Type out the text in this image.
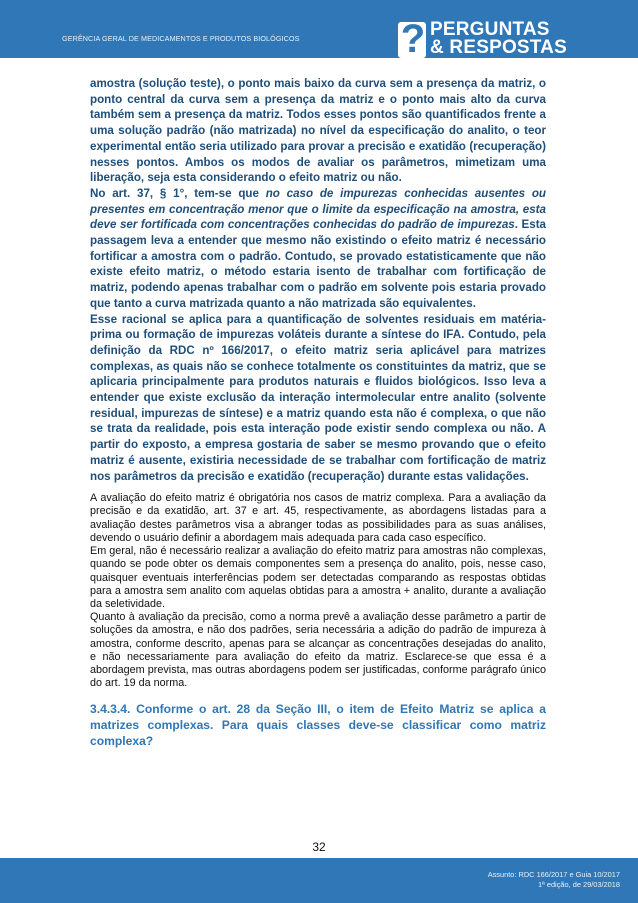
GERÊNCIA GERAL DE MEDICAMENTOS E PRODUTOS BIOLÓGICOS	? PERGUNTAS
& RESPOSTAS

amostra (solução teste), o ponto mais baixo da curva sem a presença da matriz, o ponto central da curva sem a presença da matriz e o ponto mais alto da curva também sem a presença da matriz. Todos esses pontos são quantificados frente a uma solução padrão (não matrizada) no nível da especificação do analito, o teor experimental então seria utilizado para provar a precisão e exatidão (recuperação) nesses pontos. Ambos os modos de avaliar os parâmetros, mimetizam uma liberação, seja esta considerando o efeito matriz ou não.

No art. 37, § 1°, tem-se que no caso de impurezas conhecidas ausentes ou presentes em concentração menor que o limite da especificação na amostra, esta deve ser fortificada com concentrações conhecidas do padrão de impurezas. Esta passagem leva a entender que mesmo não existindo o efeito matriz é necessário fortificar a amostra com o padrão. Contudo, se provado estatisticamente que não existe efeito matriz, o método estaria isento de trabalhar com fortificação de matriz, podendo apenas trabalhar com o padrão em solvente pois estaria provado que tanto a curva matrizada quanto a não matrizada são equivalentes.

Esse racional se aplica para a quantificação de solventes residuais em matéria-prima ou formação de impurezas voláteis durante a síntese do IFA. Contudo, pela definição da RDC nº 166/2017, o efeito matriz seria aplicável para matrizes complexas, as quais não se conhece totalmente os constituintes da matriz, que se aplicaria principalmente para produtos naturais e fluidos biológicos. Isso leva a entender que existe exclusão da interação intermolecular entre analito (solvente residual, impurezas de síntese) e a matriz quando esta não é complexa, o que não se trata da realidade, pois esta interação pode existir sendo complexa ou não. A partir do exposto, a empresa gostaria de saber se mesmo provando que o efeito matriz é ausente, existiria necessidade de se trabalhar com fortificação de matriz nos parâmetros da precisão e exatidão (recuperação) durante estas validações.

A avaliação do efeito matriz é obrigatória nos casos de matriz complexa. Para a avaliação da precisão e da exatidão, art. 37 e art. 45, respectivamente, as abordagens listadas para a avaliação destes parâmetros visa a abranger todas as possibilidades para as suas análises, devendo o usuário definir a abordagem mais adequada para cada caso específico.

Em geral, não é necessário realizar a avaliação do efeito matriz para amostras não complexas, quando se pode obter os demais componentes sem a presença do analito, pois, nesse caso, quaisquer eventuais interferências podem ser detectadas comparando as respostas obtidas para a amostra sem analito com aquelas obtidas para a amostra + analito, durante a avaliação da seletividade.

Quanto à avaliação da precisão, como a norma prevê a avaliação desse parâmetro a partir de soluções da amostra, e não dos padrões, seria necessária a adição do padrão de impureza à amostra, conforme descrito, apenas para se alcançar as concentrações desejadas do analito, e não necessariamente para avaliação do efeito da matriz. Esclarece-se que essa é a abordagem prevista, mas outras abordagens podem ser justificadas, conforme parágrafo único do art. 19 da norma.

3.4.3.4. Conforme o art. 28 da Seção III, o item de Efeito Matriz se aplica a matrizes complexas. Para quais classes deve-se classificar como matriz complexa?

32
Assunto: RDC 166/2017 e Guia 10/2017
1ª edição, de 29/03/2018
